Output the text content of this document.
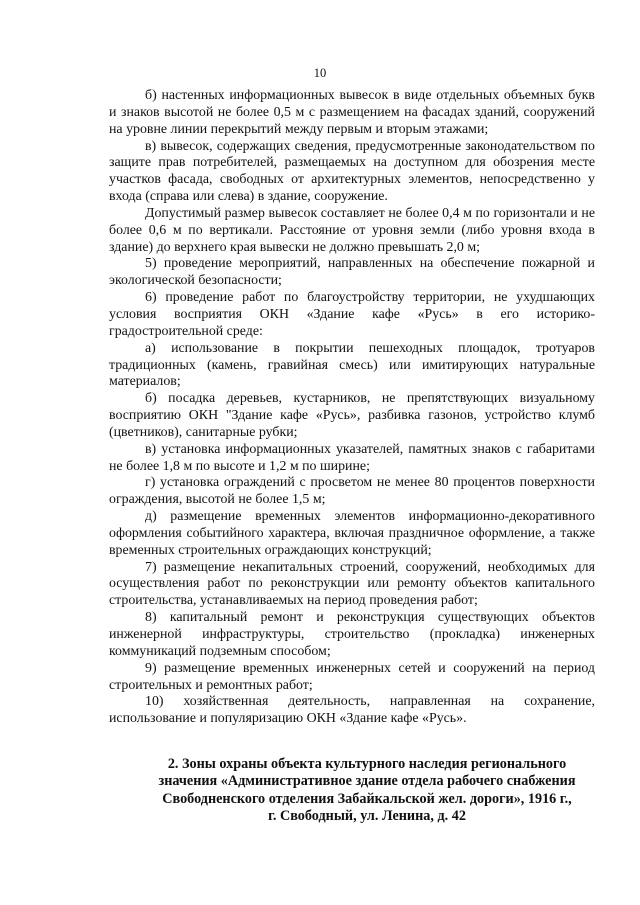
10

б) настенных информационных вывесок в виде отдельных объемных букв и знаков высотой не более 0,5 м с размещением на фасадах зданий, сооружений на уровне линии перекрытий между первым и вторым этажами;

в) вывесок, содержащих сведения, предусмотренные законодательством по защите прав потребителей, размещаемых на доступном для обозрения месте участков фасада, свободных от архитектурных элементов, непосредственно у входа (справа или слева) в здание, сооружение.

Допустимый размер вывесок составляет не более 0,4 м по горизонтали и не более 0,6 м по вертикали. Расстояние от уровня земли (либо уровня входа в здание) до верхнего края вывески не должно превышать 2,0 м;

5) проведение мероприятий, направленных на обеспечение пожарной и экологической безопасности;

6) проведение работ по благоустройству территории, не ухудшающих условия восприятия ОКН «Здание кафе «Русь» в его историко-градостроительной среде:

а) использование в покрытии пешеходных площадок, тротуаров традиционных (камень, гравийная смесь) или имитирующих натуральные материалов;

б) посадка деревьев, кустарников, не препятствующих визуальному восприятию ОКН "Здание кафе «Русь», разбивка газонов, устройство клумб (цветников), санитарные рубки;

в) установка информационных указателей, памятных знаков с габаритами не более 1,8 м по высоте и 1,2 м по ширине;

г) установка ограждений с просветом не менее 80 процентов поверхности ограждения, высотой не более 1,5 м;

д) размещение временных элементов информационно-декоративного оформления событийного характера, включая праздничное оформление, а также временных строительных ограждающих конструкций;

7) размещение некапитальных строений, сооружений, необходимых для осуществления работ по реконструкции или ремонту объектов капитального строительства, устанавливаемых на период проведения работ;

8) капитальный ремонт и реконструкция существующих объектов инженерной инфраструктуры, строительство (прокладка) инженерных коммуникаций подземным способом;

9) размещение временных инженерных сетей и сооружений на период строительных и ремонтных работ;

10) хозяйственная деятельность, направленная на сохранение, использование и популяризацию ОКН «Здание кафе «Русь».

2. Зоны охраны объекта культурного наследия регионального
значения «Административное здание отдела рабочего снабжения
Свободненского отделения Забайкальской жел. дороги», 1916 г.,
г. Свободный, ул. Ленина, д. 42
